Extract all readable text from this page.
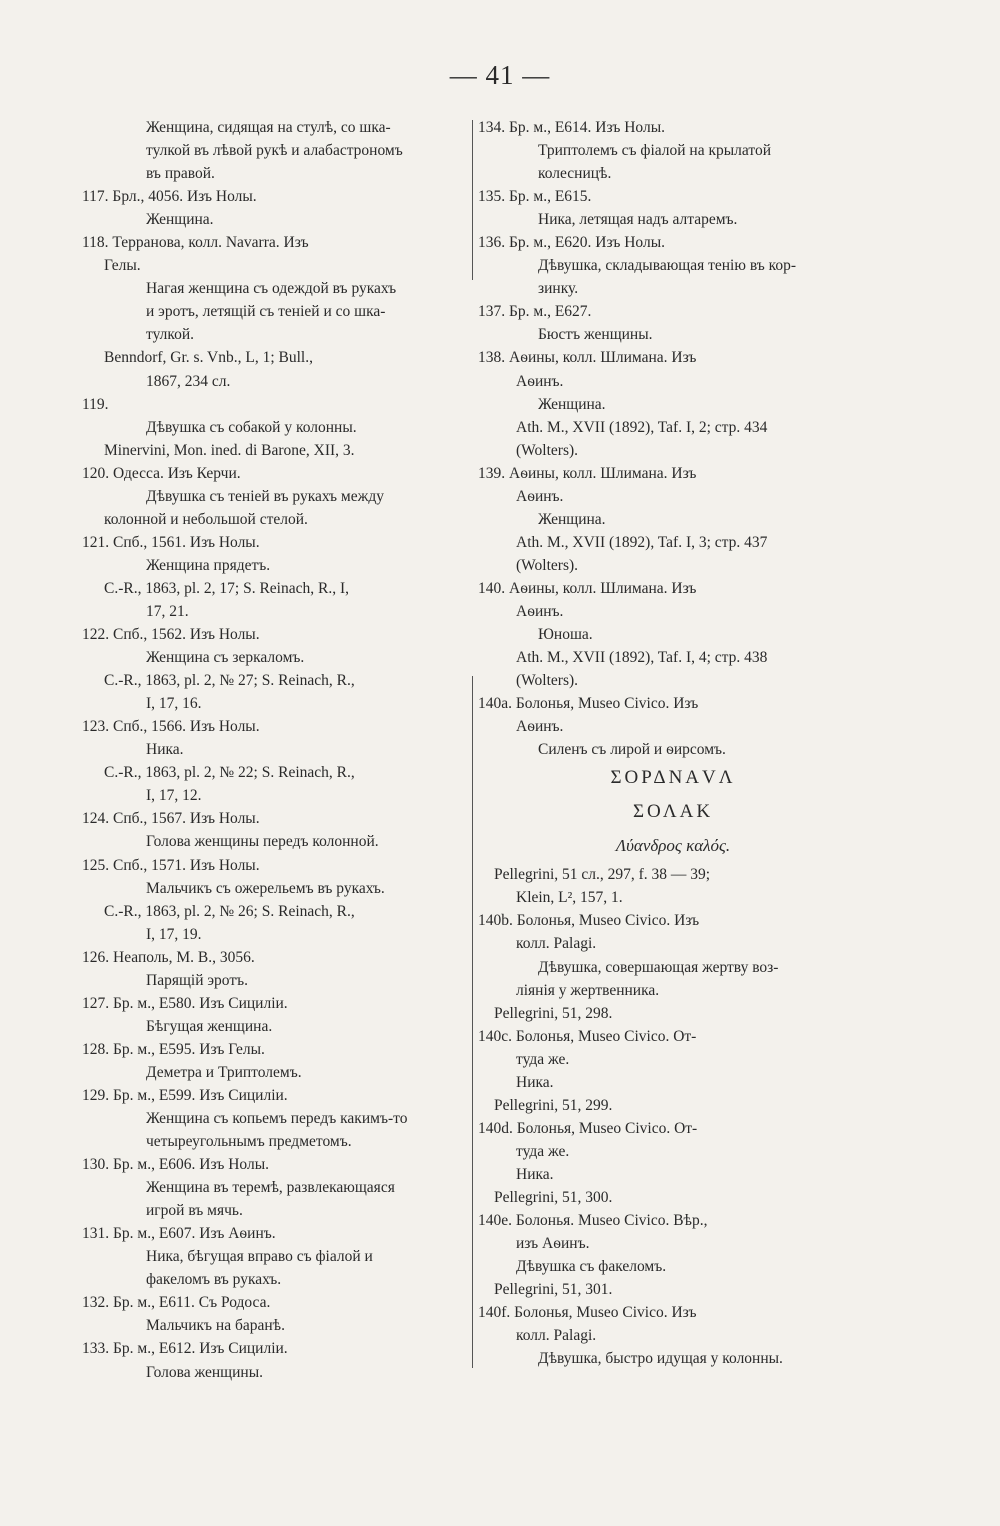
— 41 —
Женщина, сидящая на стулѣ, со шка-
тулкой въ лѣвой рукѣ и алабастрономъ
въ правой.
117. Брл., 4056. Изъ Нолы.
Женщина.
118. Терранова, колл. Navarra. Изъ
Гелы.
Нагая женщина съ одеждой въ рукахъ
и эротъ, летящій съ теніей и со шка-
тулкой.
Benndorf, Gr. s. Vnb., L, 1; Bull.,
1867, 234 сл.
119.
Дѣвушка съ собакой у колонны.
Minervini, Mon. ined. di Barone, XII, 3.
120. Одесса. Изъ Керчи.
Дѣвушка съ теніей въ рукахъ между
колонной и небольшой стелой.
121. Спб., 1561. Изъ Нолы.
Женщина прядетъ.
С.-R., 1863, pl. 2, 17; S. Reinach, R., I,
17, 21.
122. Спб., 1562. Изъ Нолы.
Женщина съ зеркаломъ.
С.-R., 1863, pl. 2, № 27; S. Reinach, R.,
I, 17, 16.
123. Спб., 1566. Изъ Нолы.
Ника.
С.-R., 1863, pl. 2, № 22; S. Reinach, R.,
I, 17, 12.
124. Спб., 1567. Изъ Нолы.
Голова женщины передъ колонной.
125. Спб., 1571. Изъ Нолы.
Мальчикъ съ ожерельемъ въ рукахъ.
С.-R., 1863, pl. 2, № 26; S. Reinach, R.,
I, 17, 19.
126. Неаполь, M. B., 3056.
Парящій эротъ.
127. Бр. м., E580. Изъ Сициліи.
Бѣгущая женщина.
128. Бр. м., E595. Изъ Гелы.
Деметра и Триптолемъ.
129. Бр. м., E599. Изъ Сициліи.
Женщина съ копьемъ передъ какимъ-то
четыреугольнымъ предметомъ.
130. Бр. м., E606. Изъ Нолы.
Женщина въ теремѣ, развлекающаяся
игрой въ мячь.
131. Бр. м., E607. Изъ Аѳинъ.
Ника, бѣгущая вправо съ фіалой и
факеломъ въ рукахъ.
132. Бр. м., E611. Съ Родоса.
Мальчикъ на баранѣ.
133. Бр. м., E612. Изъ Сициліи.
Голова женщины.
134. Бр. м., E614. Изъ Нолы.
Триптолемъ съ фіалой на крылатой
колесницѣ.
135. Бр. м., E615.
Ника, летящая надъ алтаремъ.
136. Бр. м., E620. Изъ Нолы.
Дѣвушка, складывающая тенію въ кор-
зинку.
137. Бр. м., E627.
Бюстъ женщины.
138. Аѳины, колл. Шлимана. Изъ
Аѳинъ.
Женщина.
Ath. M., XVII (1892), Taf. I, 2; стр. 434
(Wolters).
139. Аѳины, колл. Шлимана. Изъ
Аѳинъ.
Женщина.
Ath. M., XVII (1892), Taf. I, 3; стр. 437
(Wolters).
140. Аѳины, колл. Шлимана. Изъ
Аѳинъ.
Юноша.
Ath. M., XVII (1892), Taf. I, 4; стр. 438
(Wolters).
140a. Болонья, Museo Civico. Изъ
Аѳинъ.
Силенъ съ лирой и ѳирсомъ.
ΣΟΡΔΝΑVΛ
ΣΟΛΑΚ
Λύανδρος καλός.
Pellegrini, 51 сл., 297, f. 38 — 39;
Klein, L², 157, 1.
140b. Болонья, Museo Civico. Изъ
колл. Palagi.
Дѣвушка, совершающая жертву воз-
ліянія у жертвенника.
Pellegrini, 51, 298.
140c. Болонья, Museo Civico. От-
туда же.
Ника.
Pellegrini, 51, 299.
140d. Болонья, Museo Civico. От-
туда же.
Ника.
Pellegrini, 51, 300.
140e. Болонья. Museo Civico. Вѣр.,
изъ Аѳинъ.
Дѣвушка съ факеломъ.
Pellegrini, 51, 301.
140f. Болонья, Museo Civico. Изъ
колл. Palagi.
Дѣвушка, быстро идущая у колонны.
